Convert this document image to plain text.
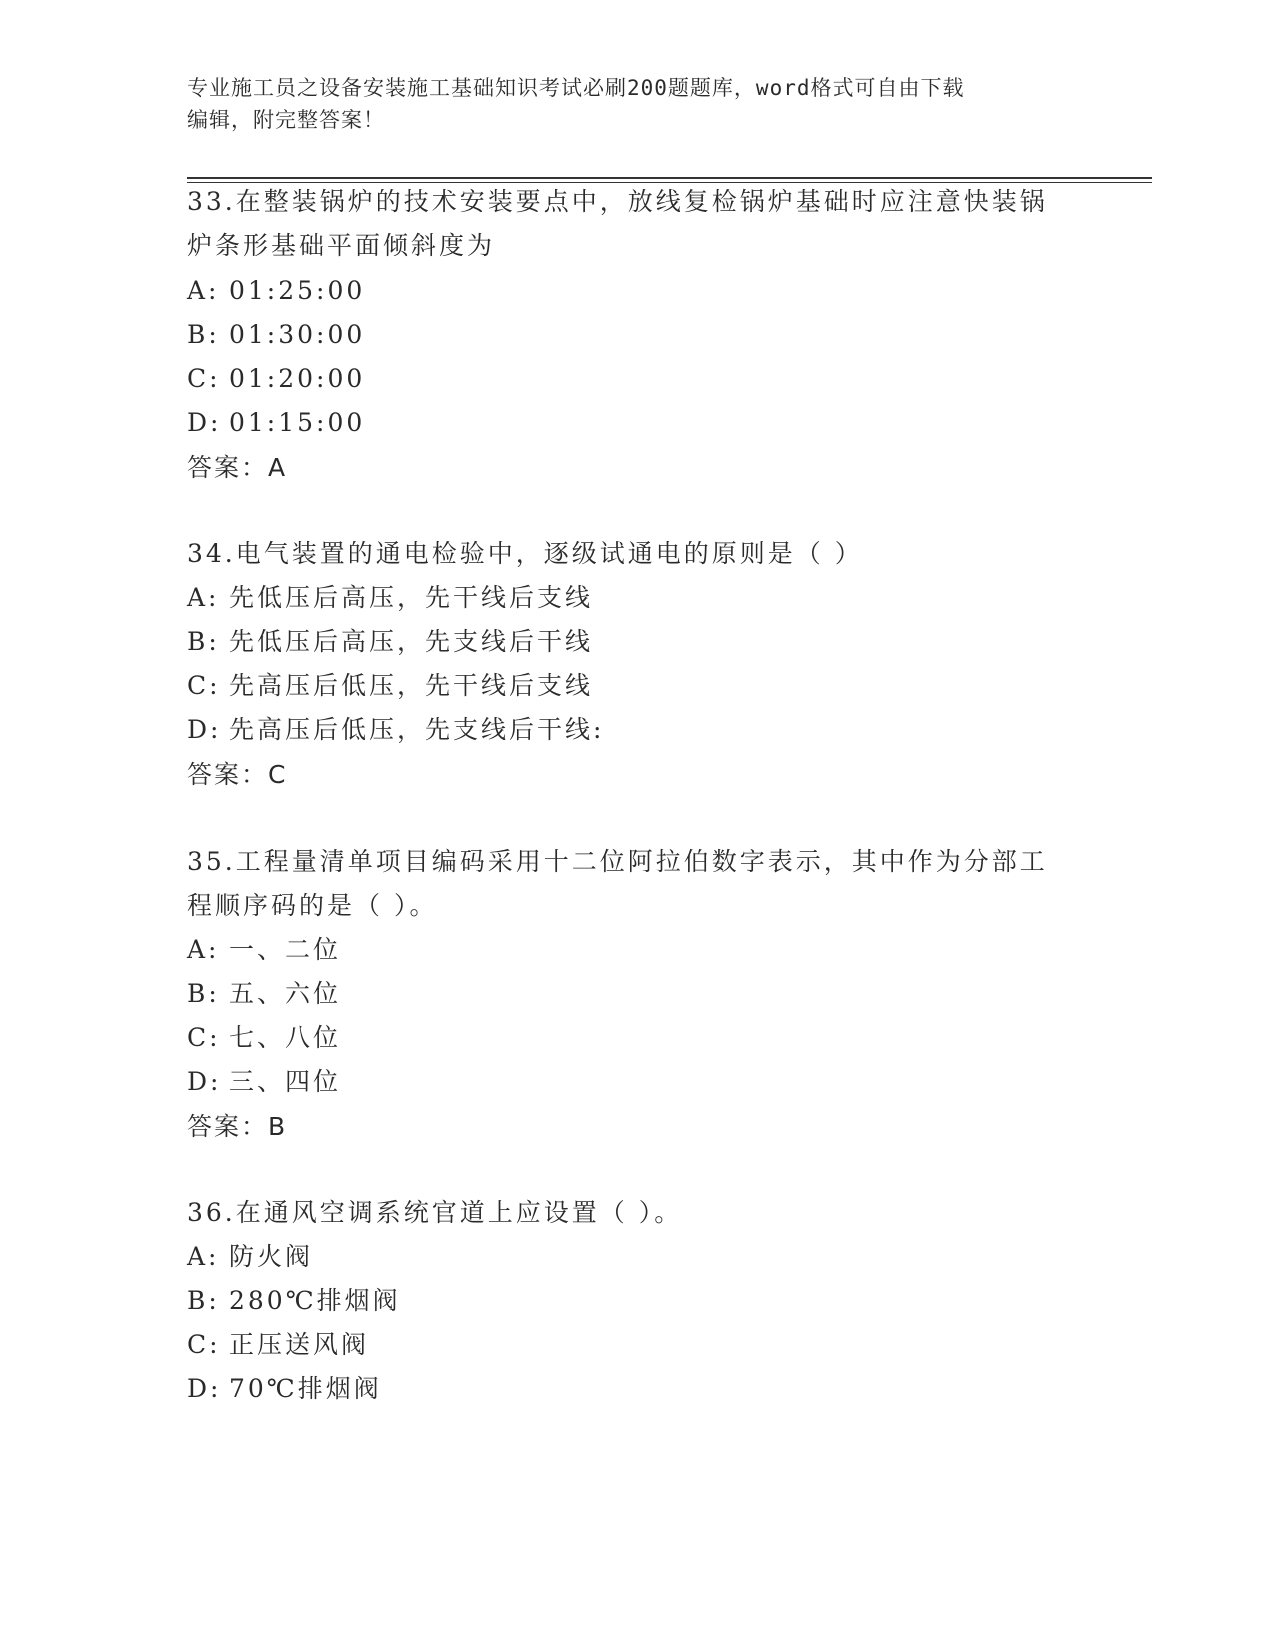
专业施工员之设备安装施工基础知识考试必刷200题题库，word格式可自由下载
编辑，附完整答案！
33.在整装锅炉的技术安装要点中，放线复检锅炉基础时应注意快装锅
炉条形基础平面倾斜度为
A: 01:25:00
B: 01:30:00
C: 01:20:00
D: 01:15:00
答案：A
34.电气装置的通电检验中，逐级试通电的原则是（ ）
A: 先低压后高压，先干线后支线
B: 先低压后高压，先支线后干线
C: 先高压后低压，先干线后支线
D: 先高压后低压，先支线后干线:
答案：C
35.工程量清单项目编码采用十二位阿拉伯数字表示，其中作为分部工
程顺序码的是（ ）。
A: 一、二位
B: 五、六位
C: 七、八位
D: 三、四位
答案：B
36.在通风空调系统官道上应设置（ ）。
A: 防火阀
B: 280℃排烟阀
C: 正压送风阀
D: 70℃排烟阀
